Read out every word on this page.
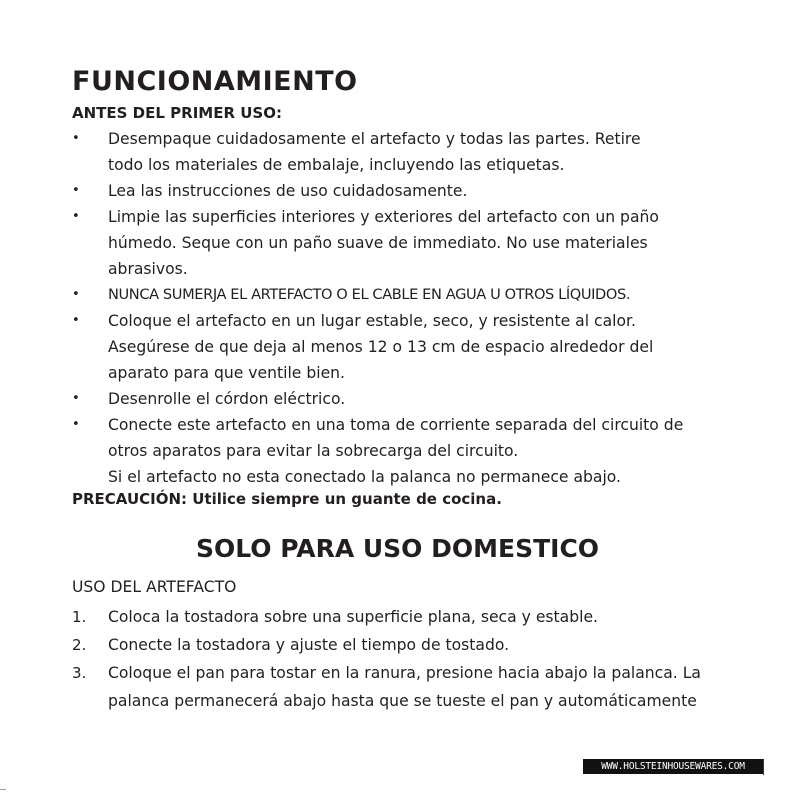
FUNCIONAMIENTO
ANTES DEL PRIMER USO:
• Desempaque cuidadosamente el artefacto y todas las partes. Retire
todo los materiales de embalaje, incluyendo las etiquetas.
• Lea las instrucciones de uso cuidadosamente.
• Limpie las superficies interiores y exteriores del artefacto con un paño
húmedo. Seque con un paño suave de immediato. No use materiales
abrasivos.
• NUNCA SUMERJA EL ARTEFACTO O EL CABLE EN AGUA U OTROS LÍQUIDOS.
• Coloque el artefacto en un lugar estable, seco, y resistente al calor.
Asegúrese de que deja al menos 12 o 13 cm de espacio alrededor del
aparato para que ventile bien.
• Desenrolle el córdon eléctrico.
• Conecte este artefacto en una toma de corriente separada del circuito de
otros aparatos para evitar la sobrecarga del circuito.
Si el artefacto no esta conectado la palanca no permanece abajo.
PRECAUCIÓN: Utilice siempre un guante de cocina.
SOLO PARA USO DOMESTICO
USO DEL ARTEFACTO
1. Coloca la tostadora sobre una superficie plana, seca y estable.
2. Conecte la tostadora y ajuste el tiempo de tostado.
3. Coloque el pan para tostar en la ranura, presione hacia abajo la palanca. La
palanca permanecerá abajo hasta que se tueste el pan y automáticamente
WWW.HOLSTEINHOUSEWARES.COM
